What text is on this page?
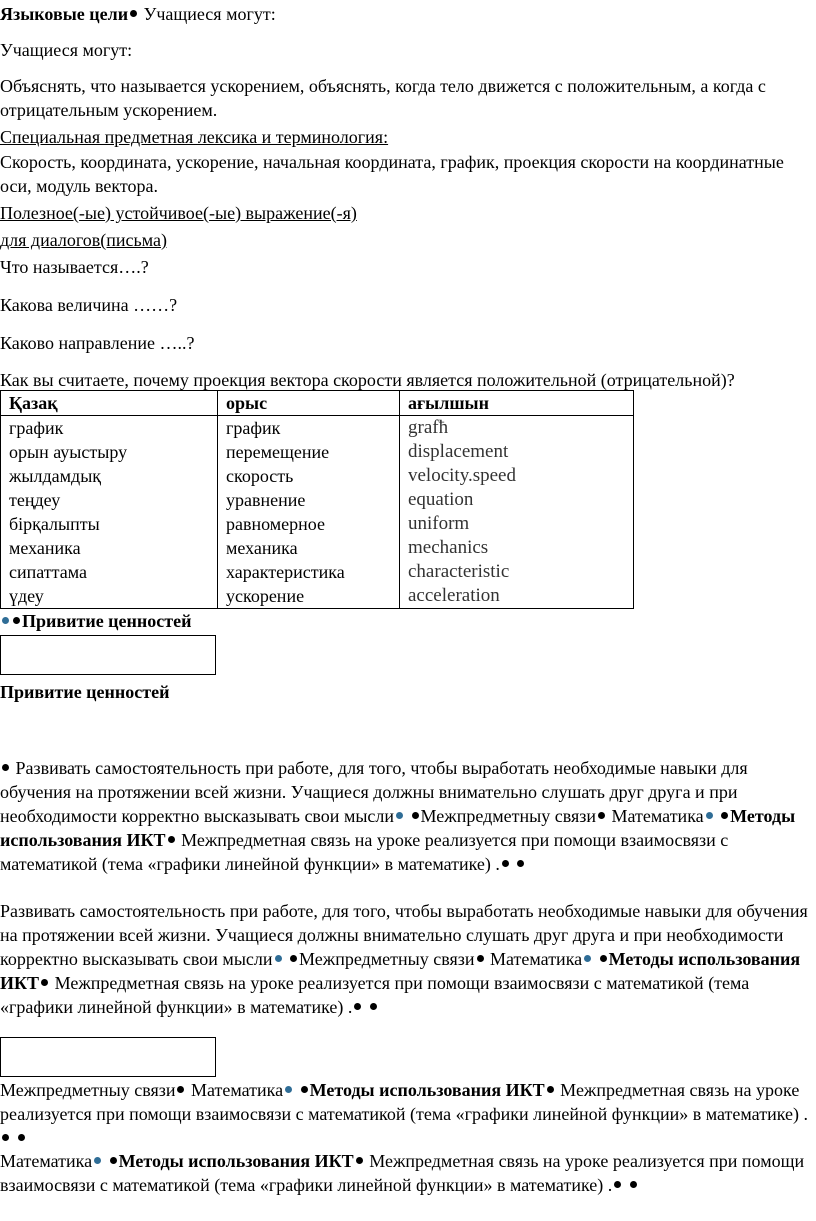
Языковые цели Учащиеся могут:

Учащиеся могут:

Объяснять, что называется ускорением, объяснять, когда тело движется с положительным, а когда с отрицательным ускорением.

Специальная предметная лексика и терминология:

Скорость, координата, ускорение, начальная координата, график, проекция скорости на координатные оси, модуль вектора.

Полезное(-ые) устойчивое(-ые) выражение(-я)

для диалогов(письма)

Что называется….?

Какова величина ……?

Каково направление …..?

Как вы считаете, почему проекция вектора скорости является положительной (отрицательной)?

Қазақ	орыс	ағылшын
график	график	grafħ
орын ауыстыру	перемещение	displacement
жылдамдық	скорость	velocity.speed
теңдеу	уравнение	equation
бірқалыпты	равномерное	uniform
механика	механика	mechanics
сипаттама	характеристика	characteristic
үдеу	ускорение	acceleration

Привитие ценностей

Привитие ценностей

Развивать самостоятельность при работе, для того, чтобы выработать необходимые навыки для обучения на протяжении всей жизни. Учащиеся должны внимательно слушать друг друга и при необходимости корректно высказывать свои мысли Межпредметныу связи Математика Методы использования ИКТ Межпредметная связь на уроке реализуется при помощи взаимосвязи с математикой (тема «графики линейной функции» в математике) .

Развивать самостоятельность при работе, для того, чтобы выработать необходимые навыки для обучения на протяжении всей жизни. Учащиеся должны внимательно слушать друг друга и при необходимости корректно высказывать свои мысли Межпредметныу связи Математика Методы использования ИКТ Межпредметная связь на уроке реализуется при помощи взаимосвязи с математикой (тема «графики линейной функции» в математике) .

Межпредметныу связи Математика Методы использования ИКТ Межпредметная связь на уроке реализуется при помощи взаимосвязи с математикой (тема «графики линейной функции» в математике) .

Математика Методы использования ИКТ Межпредметная связь на уроке реализуется при помощи взаимосвязи с математикой (тема «графики линейной функции» в математике) .
